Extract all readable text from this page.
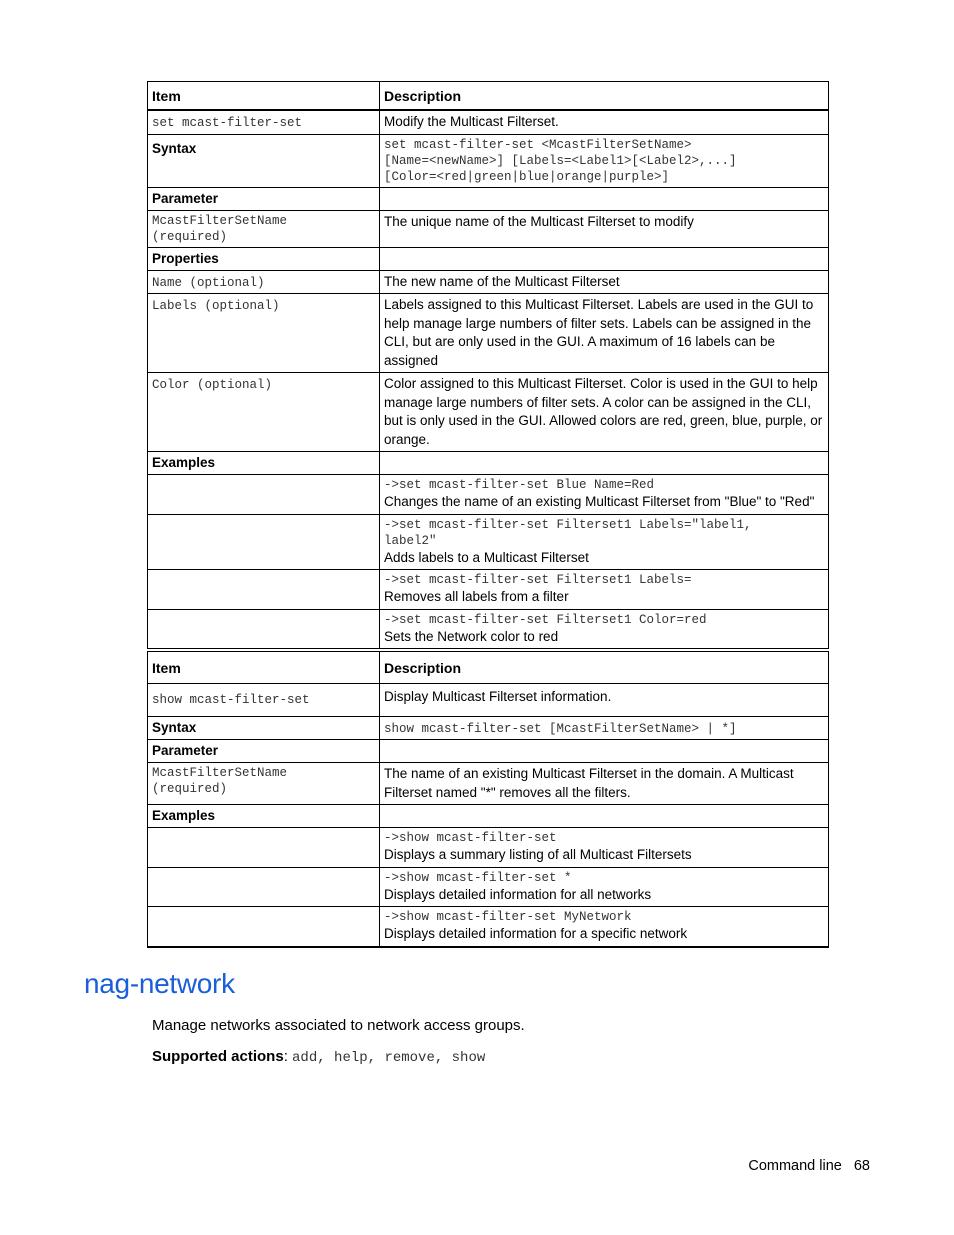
Item	Description
set mcast-filter-set	Modify the Multicast Filterset.
Syntax	set mcast-filter-set <McastFilterSetName>
[Name=<newName>] [Labels=<Label1>[<Label2>,...]
[Color=<red|green|blue|orange|purple>]

Parameter	

McastFilterSetName
(required)	The unique name of the Multicast Filterset to modify
Properties	
Name (optional)	The new name of the Multicast Filterset
Labels (optional)	Labels assigned to this Multicast Filterset. Labels are used in the GUI to help manage large numbers of filter sets. Labels can be assigned in the CLI, but are only used in the GUI. A maximum of 16 labels can be assigned
Color (optional)	Color assigned to this Multicast Filterset. Color is used in the GUI to help manage large numbers of filter sets. A color can be assigned in the CLI, but is only used in the GUI. Allowed colors are red, green, blue, purple, or orange.
Examples	

	->set mcast-filter-set Blue Name=Red
Changes the name of an existing Multicast Filterset from "Blue" to "Red"

	->set mcast-filter-set Filterset1 Labels="label1,
label2"
Adds labels to a Multicast Filterset

	->set mcast-filter-set Filterset1 Labels=
Removes all labels from a filter

	->set mcast-filter-set Filterset1 Color=red
Sets the Network color to red
Item	Description
show mcast-filter-set	Display Multicast Filterset information.
Syntax	show mcast-filter-set [McastFilterSetName> | *]
Parameter	

McastFilterSetName
(required)	The name of an existing Multicast Filterset in the domain. A Multicast Filterset named "*" removes all the filters.
Examples	

	->show mcast-filter-set
Displays a summary listing of all Multicast Filtersets

	->show mcast-filter-set *
Displays detailed information for all networks

	->show mcast-filter-set MyNetwork
Displays detailed information for a specific network
nag-network

Manage networks associated to network access groups.

Supported actions: add, help, remove, show

Command line 68
